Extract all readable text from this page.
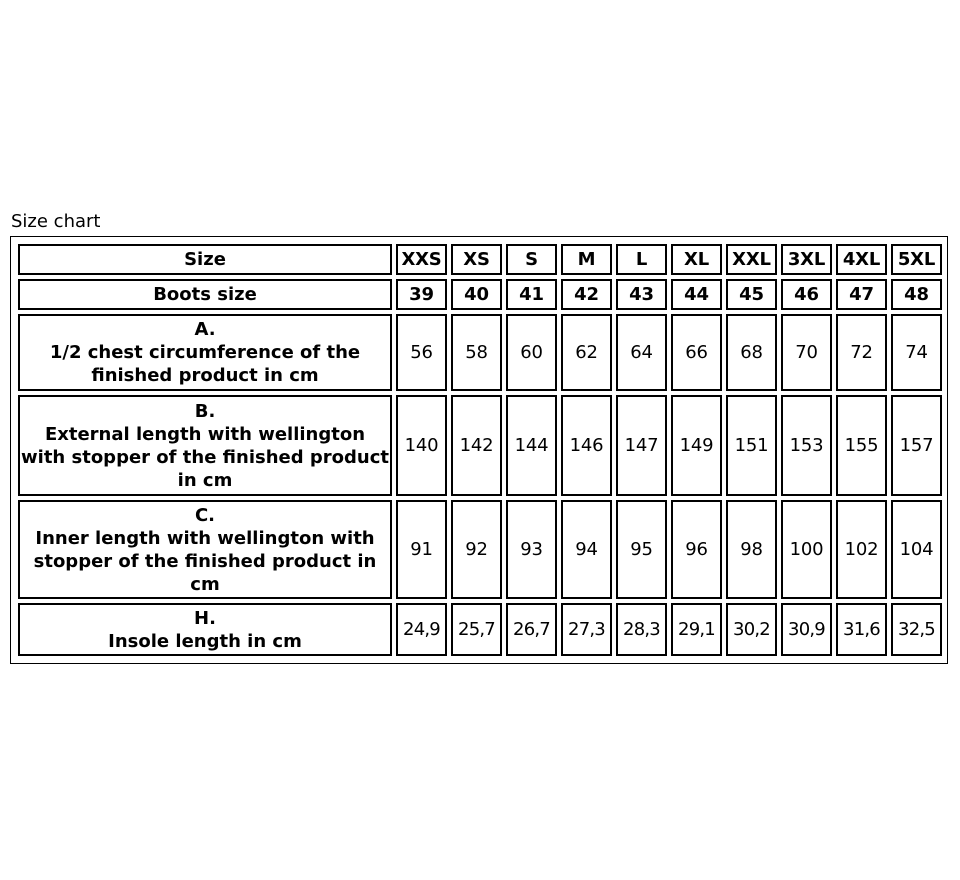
Size chart
Size	XXS	XS	S	M	L	XL	XXL	3XL	4XL	5XL
Boots size	39	40	41	42	43	44	45	46	47	48
A.
1/2 chest circumference of the finished product in cm	56	58	60	62	64	66	68	70	72	74
B.
External length with wellington with stopper of the finished product in cm	140	142	144	146	147	149	151	153	155	157
C.
Inner length with wellington with stopper of the finished product in cm	91	92	93	94	95	96	98	100	102	104
H.
Insole length in cm	24,9	25,7	26,7	27,3	28,3	29,1	30,2	30,9	31,6	32,5
